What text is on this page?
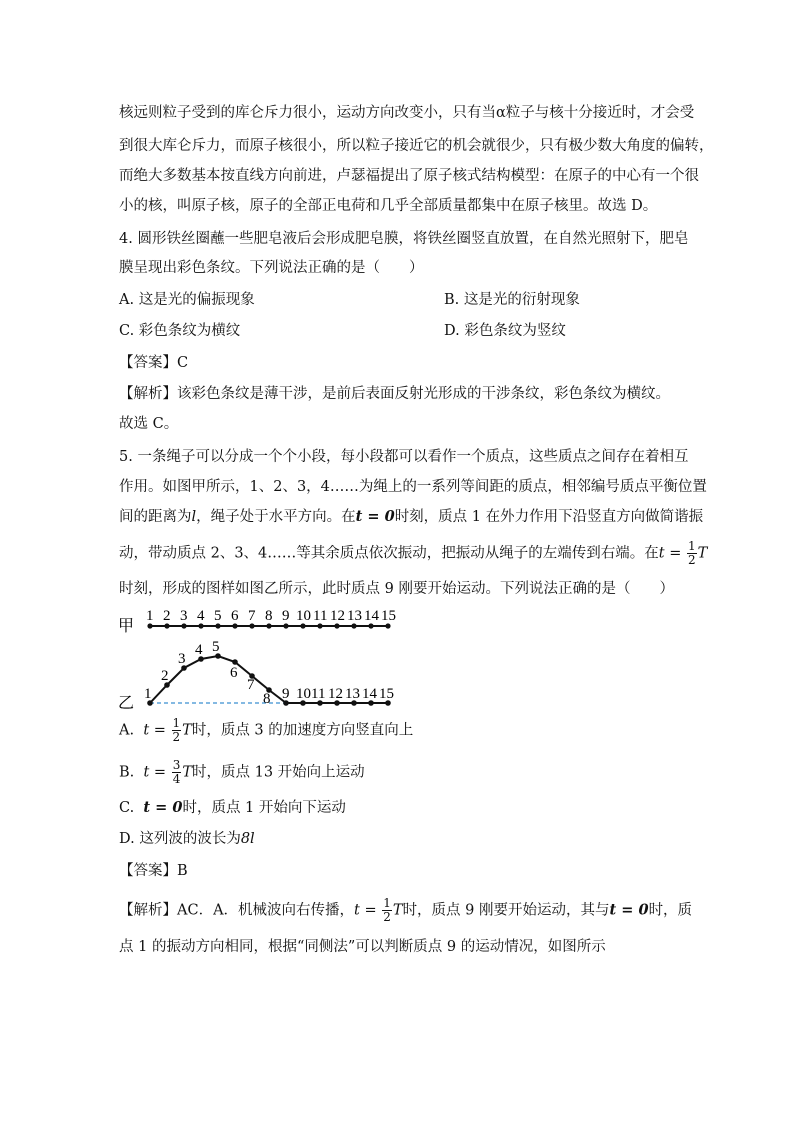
核远则粒子受到的库仑斥力很小，运动方向改变小，只有当α粒子与核十分接近时，才会受
到很大库仑斥力，而原子核很小，所以粒子接近它的机会就很少，只有极少数大角度的偏转，
而绝大多数基本按直线方向前进，卢瑟福提出了原子核式结构模型：在原子的中心有一个很
小的核，叫原子核，原子的全部正电荷和几乎全部质量都集中在原子核里。故选 D。
4. 圆形铁丝圈蘸一些肥皂液后会形成肥皂膜，将铁丝圈竖直放置，在自然光照射下，肥皂
膜呈现出彩色条纹。下列说法正确的是（　　）
A. 这是光的偏振现象	B. 这是光的衍射现象
C. 彩色条纹为横纹	D. 彩色条纹为竖纹
【答案】C
【解析】该彩色条纹是薄干涉，是前后表面反射光形成的干涉条纹，彩色条纹为横纹。
故选 C。
5. 一条绳子可以分成一个个小段，每小段都可以看作一个质点，这些质点之间存在着相互
作用。如图甲所示，1、2、3，4……为绳上的一系列等间距的质点，相邻编号质点平衡位置
间的距离为l，绳子处于水平方向。在t = 0时刻，质点 1 在外力作用下沿竖直方向做简谐振
动，带动质点 2、3、4……等其余质点依次振动，把振动从绳子的左端传到右端。在$t = \frac{1}{2}$ T
时刻，形成的图样如图乙所示，此时质点 9 刚要开始运动。下列说法正确的是（　　）
甲
1 2 3 4 5 6 7 8 9 10 11 12 13 14 15
乙
1
2
3
4 5
6
7
8 9 10 11 12 13 14 15
A. $t = \frac{1}{2}$ T时，质点 3 的加速度方向竖直向上
B. $t = \frac{3}{4}$ T时，质点 13 开始向上运动
C. t = 0时，质点 1 开始向下运动
D. 这列波的波长为8l
【答案】B
【解析】AC．A．机械波向右传播，$t = \frac{1}{2}$ T时，质点 9 刚要开始运动，其与t = 0时，质
点 1 的振动方向相同，根据“同侧法”可以判断质点 9 的运动情况，如图所示
